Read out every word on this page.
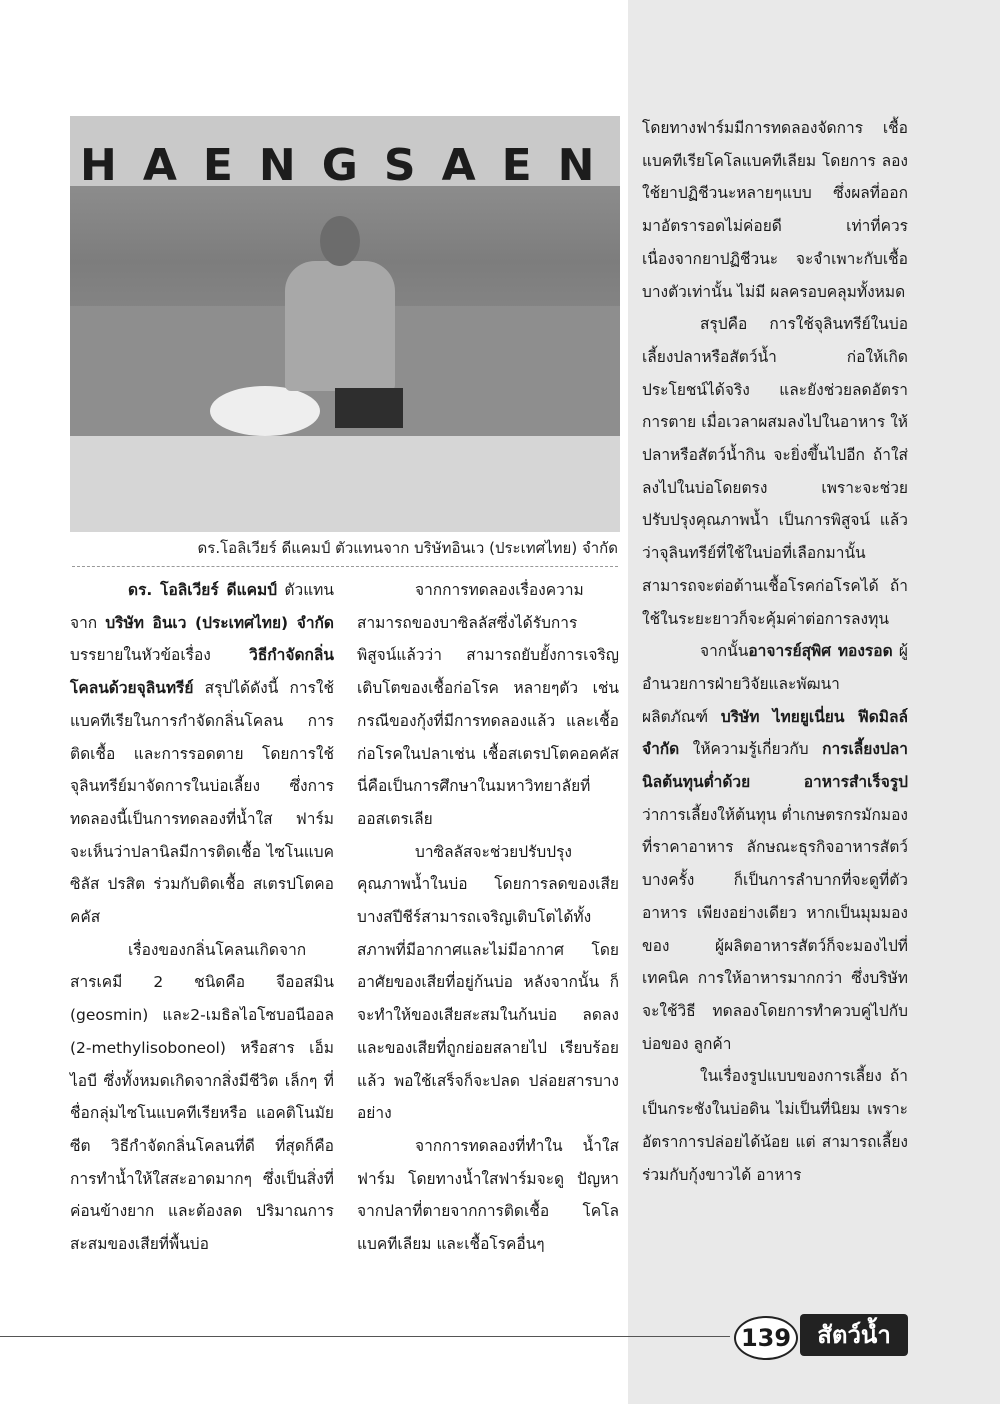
HAENGSAEN
ดร.โอลิเวียร์ ดีแคมป์ ตัวแทนจาก บริษัทอินเว (ประเทศไทย) จำกัด

ดร. โอลิเวียร์ ดีแคมป์ ตัวแทนจาก บริษัท อินเว (ประเทศไทย) จำกัด บรรยายในหัวข้อเรื่อง วิธีกำจัดกลิ่นโคลนด้วยจุลินทรีย์ สรุปได้ดังนี้ การใช้แบคทีเรียในการกำจัดกลิ่นโคลน การติดเชื้อ และการรอดตาย โดยการใช้จุลินทรีย์มาจัดการในบ่อเลี้ยง ซึ่งการทดลองนี้เป็นการทดลองที่น้ำใส ฟาร์ม จะเห็นว่าปลานิลมีการติดเชื้อ ไซโนแบคซิลัส ปรสิต ร่วมกับติดเชื้อ สเตรปโตคอคคัส

เรื่องของกลิ่นโคลนเกิดจาก สารเคมี 2 ชนิดคือ จีออสมิน (geosmin) และ2-เมธิลไอโซบอนีออล (2-methylisoboneol) หรือสาร เอ็มไอบี ซึ่งทั้งหมดเกิดจากสิ่งมีชีวิต เล็กๆ ที่ชื่อกลุ่มไซโนแบคทีเรียหรือ แอคติโนมัยซีต วิธีกำจัดกลิ่นโคลนที่ดี ที่สุดก็คือ การทำน้ำให้ใสสะอาดมากๆ ซึ่งเป็นสิ่งที่ค่อนข้างยาก และต้องลด ปริมาณการสะสมของเสียที่พื้นบ่อ

จากการทดลองเรื่องความ สามารถของบาซิลลัสซึ่งได้รับการ พิสูจน์แล้วว่า สามารถยับยั้งการเจริญ เติบโตของเชื้อก่อโรค หลายๆตัว เช่น กรณีของกุ้งที่มีการทดลองแล้ว และเชื้อ ก่อโรคในปลาเช่น เชื้อสเตรปโตคอคคัส นี่คือเป็นการศึกษาในมหาวิทยาลัยที่ ออสเตรเลีย

บาซิลลัสจะช่วยปรับปรุง คุณภาพน้ำในบ่อ โดยการลดของเสีย บางสปีชีร์สามารถเจริญเติบโตได้ทั้ง สภาพที่มีอากาศและไม่มีอากาศ โดย อาศัยของเสียที่อยู่ก้นบ่อ หลังจากนั้น ก็จะทำให้ของเสียสะสมในก้นบ่อ ลดลง และของเสียที่ถูกย่อยสลายไป เรียบร้อยแล้ว พอใช้เสร็จก็จะปลด ปล่อยสารบางอย่าง

จากการทดลองที่ทำใน น้ำใสฟาร์ม โดยทางน้ำใสฟาร์มจะดู ปัญหาจากปลาที่ตายจากการติดเชื้อ โคโลแบคทีเลียม และเชื้อโรคอื่นๆ

โดยทางฟาร์มมีการทดลองจัดการ เชื้อแบคทีเรียโคโลแบคทีเลียม โดยการ ลองใช้ยาปฏิชีวนะหลายๆแบบ ซึ่งผลที่ออกมาอัตรารอดไม่ค่อยดี เท่าที่ควร เนื่องจากยาปฏิชีวนะ จะจำเพาะกับเชื้อบางตัวเท่านั้น ไม่มี ผลครอบคลุมทั้งหมด

สรุปคือ การใช้จุลินทรีย์ในบ่อ เลี้ยงปลาหรือสัตว์น้ำ ก่อให้เกิด ประโยชน์ได้จริง และยังช่วยลดอัตรา การตาย เมื่อเวลาผสมลงไปในอาหาร ให้ปลาหรือสัตว์น้ำกิน จะยิ่งขึ้นไปอีก ถ้าใส่ลงไปในบ่อโดยตรง เพราะจะช่วย ปรับปรุงคุณภาพน้ำ เป็นการพิสูจน์ แล้วว่าจุลินทรีย์ที่ใช้ในบ่อที่เลือกมานั้น สามารถจะต่อต้านเชื้อโรคก่อโรคได้ ถ้าใช้ในระยะยาวก็จะคุ้มค่าต่อการลงทุน

จากนั้นอาจารย์สุพิศ ทองรอด ผู้อำนวยการฝ่ายวิจัยและพัฒนา ผลิตภัณฑ์ บริษัท ไทยยูเนี่ยน ฟีดมิลล์ จำกัด ให้ความรู้เกี่ยวกับ การเลี้ยงปลานิลต้นทุนต่ำด้วย อาหารสำเร็จรูป ว่าการเลี้ยงให้ต้นทุน ต่ำเกษตรกรมักมองที่ราคาอาหาร ลักษณะธุรกิจอาหารสัตว์บางครั้ง ก็เป็นการลำบากที่จะดูที่ตัวอาหาร เพียงอย่างเดียว หากเป็นมุมมองของ ผู้ผลิตอาหารสัตว์ก็จะมองไปที่เทคนิค การให้อาหารมากกว่า ซึ่งบริษัทจะใช้วิธี ทดลองโดยการทำควบคู่ไปกับบ่อของ ลูกค้า

ในเรื่องรูปแบบของการเลี้ยง ถ้าเป็นกระชังในบ่อดิน ไม่เป็นที่นิยม เพราะอัตราการปล่อยได้น้อย แต่ สามารถเลี้ยงร่วมกับกุ้งขาวได้ อาหาร

139	สัตว์น้ำ
